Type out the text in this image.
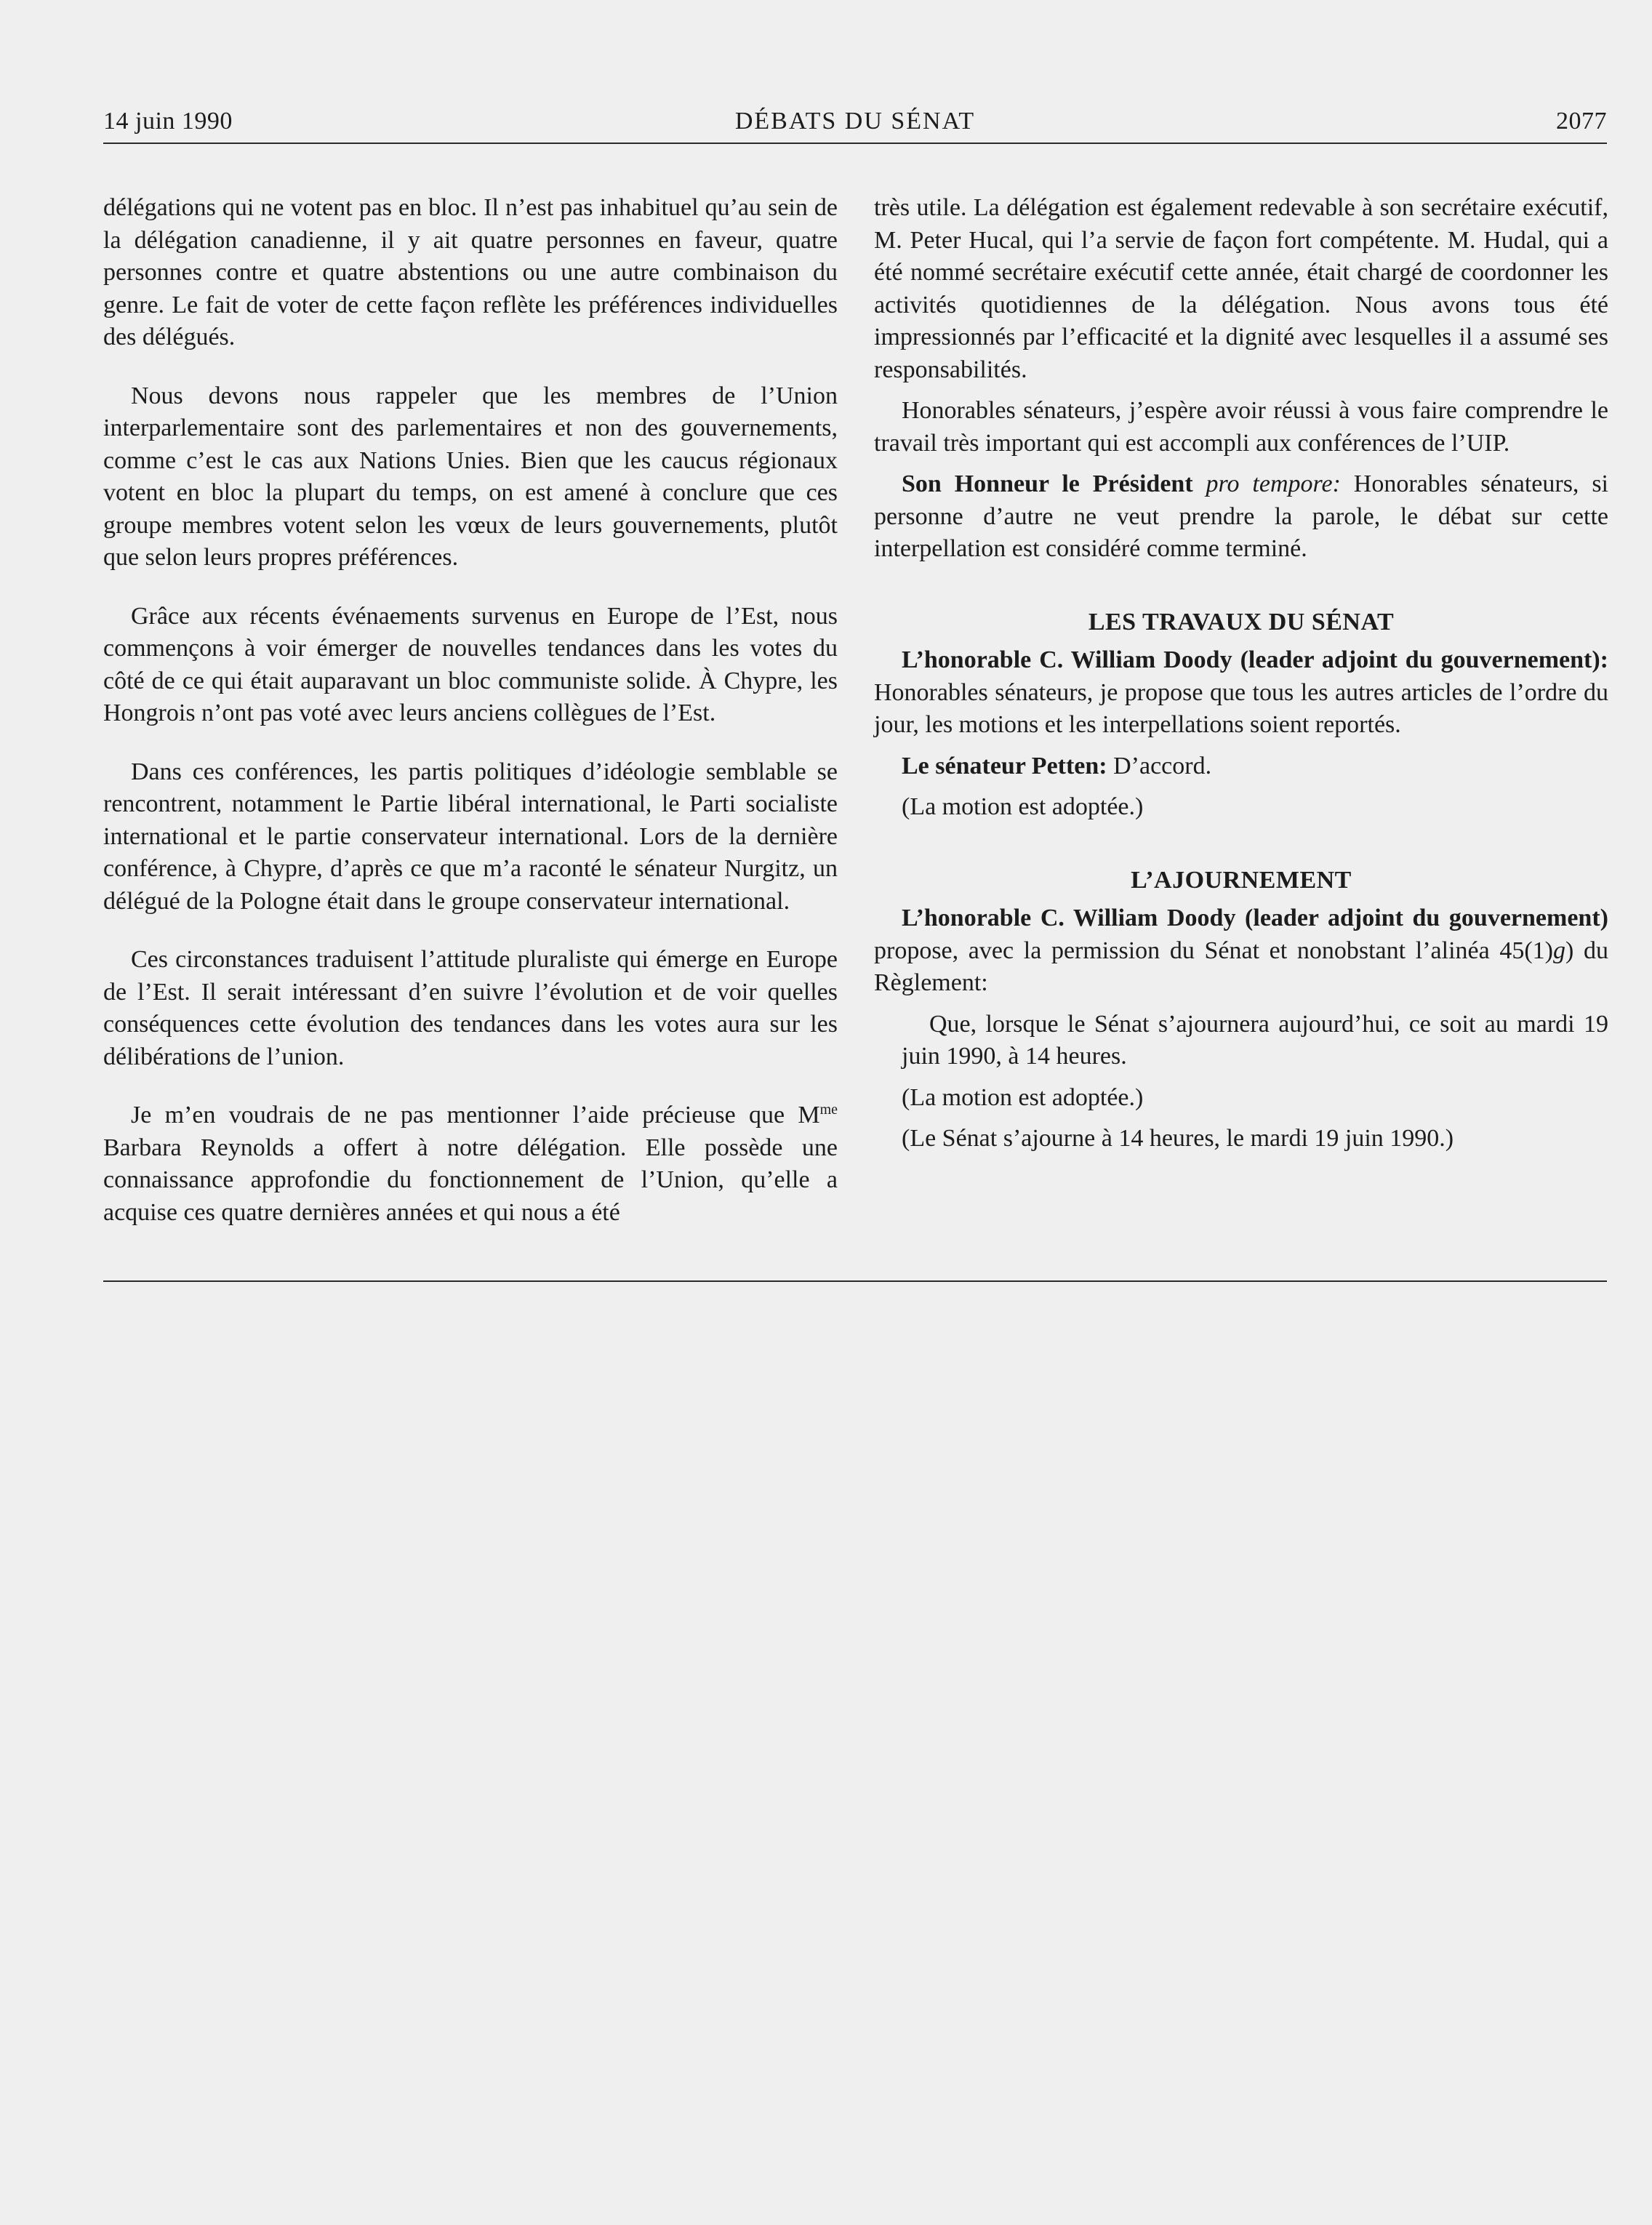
14 juin 1990	DÉBATS DU SÉNAT	2077

délégations qui ne votent pas en bloc. Il n’est pas inhabituel qu’au sein de la délégation canadienne, il y ait quatre personnes en faveur, quatre personnes contre et quatre abstentions ou une autre combinaison du genre. Le fait de voter de cette façon reflète les préférences individuelles des délégués.

Nous devons nous rappeler que les membres de l’Union interparlementaire sont des parlementaires et non des gouvernements, comme c’est le cas aux Nations Unies. Bien que les caucus régionaux votent en bloc la plupart du temps, on est amené à conclure que ces groupe membres votent selon les vœux de leurs gouvernements, plutôt que selon leurs propres préférences.

Grâce aux récents événaements survenus en Europe de l’Est, nous commençons à voir émerger de nouvelles tendances dans les votes du côté de ce qui était auparavant un bloc communiste solide. À Chypre, les Hongrois n’ont pas voté avec leurs anciens collègues de l’Est.

Dans ces conférences, les partis politiques d’idéologie semblable se rencontrent, notamment le Partie libéral international, le Parti socialiste international et le partie conservateur international. Lors de la dernière conférence, à Chypre, d’après ce que m’a raconté le sénateur Nurgitz, un délégué de la Pologne était dans le groupe conservateur international.

Ces circonstances traduisent l’attitude pluraliste qui émerge en Europe de l’Est. Il serait intéressant d’en suivre l’évolution et de voir quelles conséquences cette évolution des tendances dans les votes aura sur les délibérations de l’union.

Je m’en voudrais de ne pas mentionner l’aide précieuse que $M^{me}$ Barbara Reynolds a offert à notre délégation. Elle possède une connaissance approfondie du fonctionnement de l’Union, qu’elle a acquise ces quatre dernières années et qui nous a été

très utile. La délégation est également redevable à son secrétaire exécutif, M. Peter Hucal, qui l’a servie de façon fort compétente. M. Hudal, qui a été nommé secrétaire exécutif cette année, était chargé de coordonner les activités quotidiennes de la délégation. Nous avons tous été impressionnés par l’efficacité et la dignité avec lesquelles il a assumé ses responsabilités.

Honorables sénateurs, j’espère avoir réussi à vous faire comprendre le travail très important qui est accompli aux conférences de l’UIP.

Son Honneur le Président pro tempore: Honorables sénateurs, si personne d’autre ne veut prendre la parole, le débat sur cette interpellation est considéré comme terminé.

LES TRAVAUX DU SÉNAT

L’honorable C. William Doody (leader adjoint du gouvernement): Honorables sénateurs, je propose que tous les autres articles de l’ordre du jour, les motions et les interpellations soient reportés.

Le sénateur Petten: D’accord.

(La motion est adoptée.)

L’AJOURNEMENT

L’honorable C. William Doody (leader adjoint du gouvernement) propose, avec la permission du Sénat et nonobstant l’alinéa 45(1)g) du Règlement:

Que, lorsque le Sénat s’ajournera aujourd’hui, ce soit au mardi 19 juin 1990, à 14 heures.

(La motion est adoptée.)

(Le Sénat s’ajourne à 14 heures, le mardi 19 juin 1990.)
